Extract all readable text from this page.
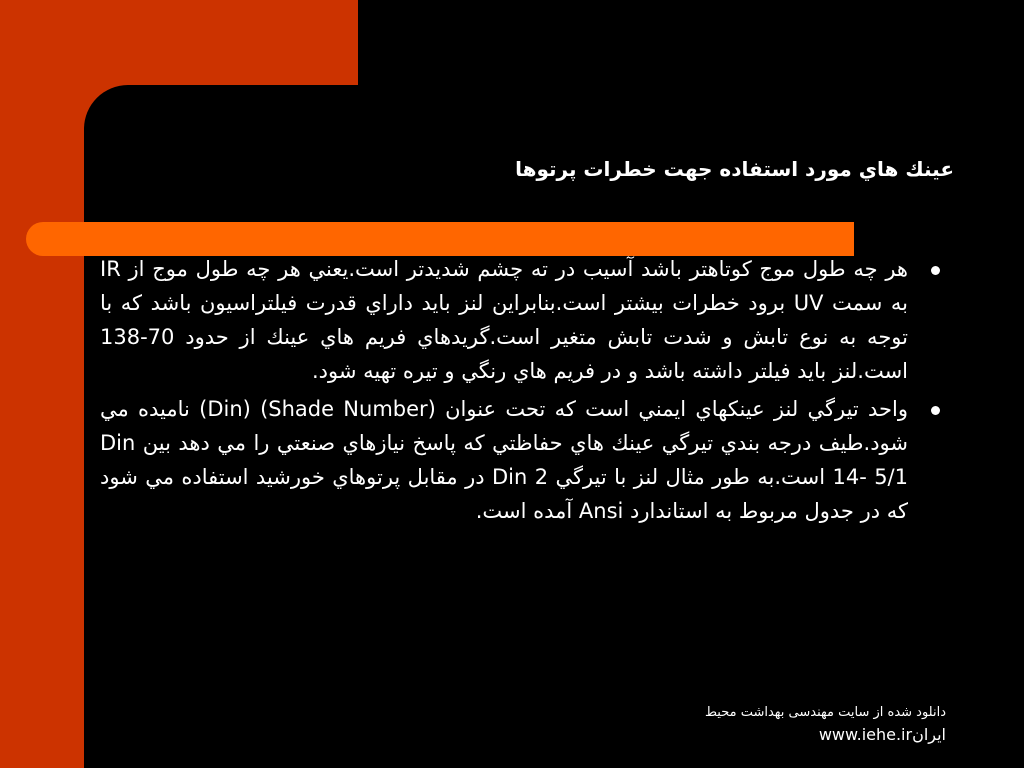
عينك هاي مورد استفاده جهت خطرات پرتوها
هر چه طول موج كوتاهتر باشد آسيب در ته چشم شديدتر است.يعني هر چه طول موج از IR به سمت UV برود خطرات بيشتر است.بنابراين لنز بايد داراي قدرت فيلتراسيون باشد كه با توجه به نوع تابش و شدت تابش متغير است.گريدهاي فريم هاي عينك از حدود 70-138 است.لنز بايد فيلتر داشته باشد و در فريم هاي رنگي و تيره تهيه شود.
واحد تيرگي لنز عينكهاي ايمني است كه تحت عنوان (Shade Number) (Din) ناميده مي شود.طيف درجه بندي تيرگي عينك هاي حفاظتي كه پاسخ نيازهاي صنعتي را مي دهد بين Din 14- 5/1 است.به طور مثال لنز با تيرگي Din 2 در مقابل پرتوهاي خورشيد استفاده مي شود كه در جدول مربوط به استاندارد Ansi آمده است.
دانلود شده از سایت مهندسی بهداشت محیط
ایرانwww.iehe.ir
